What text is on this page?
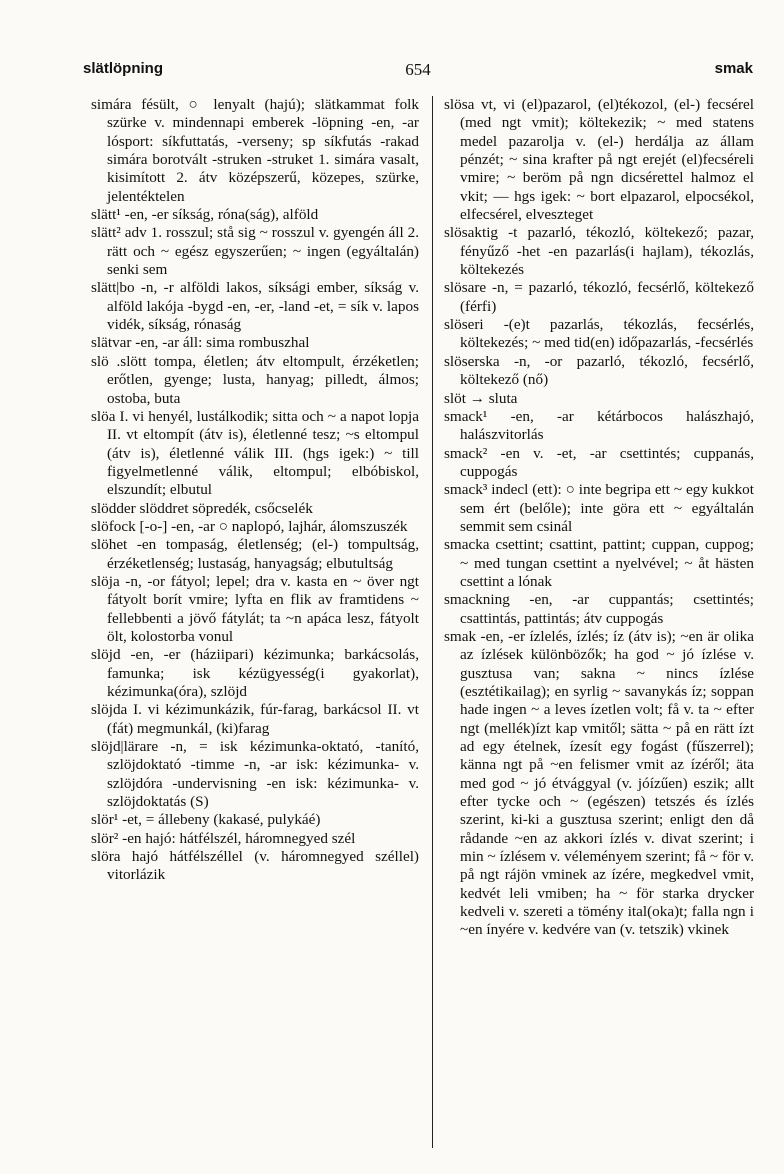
slätlöpning	654	smak

simára fésült, ○ lenyalt (hajú); slätkammat folk szürke v. mindennapi emberek -löpning -en, -ar lósport: síkfuttatás, -verseny; sp síkfutás -rakad simára borotvált -struken -struket 1. simára vasalt, kisimított 2. átv középszerű, közepes, szürke, jelentéktelen

slätt¹ -en, -er síkság, róna(ság), alföld

slätt² adv 1. rosszul; stå sig ~ rosszul v. gyengén áll 2. rätt och ~ egész egyszerűen; ~ ingen (egyáltalán) senki sem

slätt|bo -n, -r alföldi lakos, síksági ember, síkság v. alföld lakója -bygd -en, -er, -land -et, = sík v. lapos vidék, síkság, rónaság

slätvar -en, -ar áll: sima rombuszhal

slö .slött tompa, életlen; átv eltompult, érzéketlen; erőtlen, gyenge; lusta, hanyag; pilledt, álmos; ostoba, buta

slöa I. vi henyél, lustálkodik; sitta och ~ a napot lopja II. vt eltompít (átv is), életlenné tesz; ~s eltompul (átv is), életlenné válik III. (hgs igek:) ~ till figyelmetlenné válik, eltompul; elbóbiskol, elszundít; elbutul

slödder slöddret söpredék, csőcselék

slöfock [-o-] -en, -ar ○ naplopó, lajhár, álomszuszék

slöhet -en tompaság, életlenség; (el-) tompultság, érzéketlenség; lustaság, hanyagság; elbutultság

slöja -n, -or fátyol; lepel; dra v. kasta en ~ över ngt fátyolt borít vmire; lyfta en flik av framtidens ~ fellebbenti a jövő fátylát; ta ~n apáca lesz, fátyolt ölt, kolostorba vonul

slöjd -en, -er (háziipari) kézimunka; barkácsolás, famunka; isk kézügyesség(i gyakorlat), kézimunka(óra), szlöjd

slöjda I. vi kézimunkázik, fúr-farag, barkácsol II. vt (fát) megmunkál, (ki)farag

slöjd|lärare -n, = isk kézimunka-oktató, -tanító, szlöjdoktató -timme -n, -ar isk: kézimunka- v. szlöjdóra -undervisning -en isk: kézimunka- v. szlöjdoktatás (S)

slör¹ -et, = állebeny (kakasé, pulykáé)

slör² -en hajó: hátfélszél, háromnegyed szél

slöra hajó hátfélszéllel (v. háromnegyed széllel) vitorlázik

slösa vt, vi (el)pazarol, (el)tékozol, (el-) fecsérel (med ngt vmit); költekezik; ~ med statens medel pazarolja v. (el-) herdálja az állam pénzét; ~ sina krafter på ngt erejét (el)fecséreli vmire; ~ beröm på ngn dicsérettel halmoz el vkit; — hgs igek: ~ bort elpazarol, elpocsékol, elfecsérel, elveszteget

slösaktig -t pazarló, tékozló, költekező; pazar, fényűző -het -en pazarlás(i hajlam), tékozlás, költekezés

slösare -n, = pazarló, tékozló, fecsérlő, költekező (férfi)

slöseri -(e)t pazarlás, tékozlás, fecsérlés, költekezés; ~ med tid(en) időpazarlás, -fecsérlés

slöserska -n, -or pazarló, tékozló, fecsérlő, költekező (nő)

slöt → sluta

smack¹ -en, -ar kétárbocos halászhajó, halászvitorlás

smack² -en v. -et, -ar csettintés; cuppanás, cuppogás

smack³ indecl (ett): ○ inte begripa ett ~ egy kukkot sem ért (belőle); inte göra ett ~ egyáltalán semmit sem csinál

smacka csettint; csattint, pattint; cuppan, cuppog; ~ med tungan csettint a nyelvével; ~ åt hästen csettint a lónak

smackning -en, -ar cuppantás; csettintés; csattintás, pattintás; átv cuppogás

smak -en, -er ízlelés, ízlés; íz (átv is); ~en är olika az ízlések különbözők; ha god ~ jó ízlése v. gusztusa van; sakna ~ nincs ízlése (esztétikailag); en syrlig ~ savanykás íz; soppan hade ingen ~ a leves ízetlen volt; få v. ta ~ efter ngt (mellék)ízt kap vmitől; sätta ~ på en rätt ízt ad egy ételnek, ízesít egy fogást (fűszerrel); känna ngt på ~en felismer vmit az ízéről; äta med god ~ jó étvággyal (v. jóízűen) eszik; allt efter tycke och ~ (egészen) tetszés és ízlés szerint, ki-ki a gusztusa szerint; enligt den då rådande ~en az akkori ízlés v. divat szerint; i min ~ ízlésem v. véleményem szerint; få ~ för v. på ngt rájön vminek az ízére, megkedvel vmit, kedvét leli vmiben; ha ~ för starka drycker kedveli v. szereti a tömény ital(oka)t; falla ngn i ~en ínyére v. kedvére van (v. tetszik) vkinek
